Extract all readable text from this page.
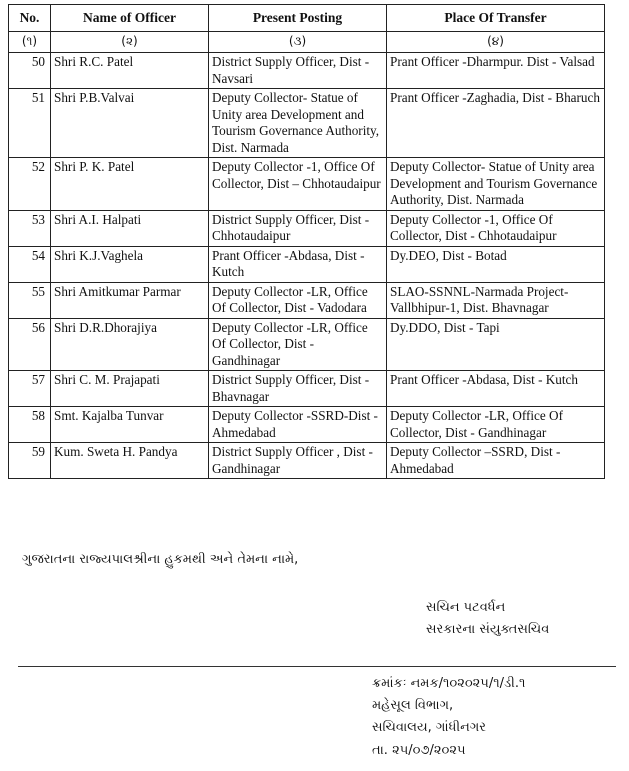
No.	Name of Officer	Present Posting	Place Of Transfer
(૧)	(૨)	(૩)	(૪)
50	Shri R.C. Patel	District Supply Officer, Dist - Navsari	Prant Officer -Dharmpur. Dist - Valsad
51	Shri P.B.Valvai	Deputy Collector- Statue of Unity area Development and Tourism Governance Authority, Dist. Narmada	Prant Officer -Zaghadia, Dist - Bharuch
52	Shri P. K. Patel	Deputy Collector -1, Office Of Collector, Dist – Chhotaudaipur	Deputy Collector- Statue of Unity area Development and Tourism Governance Authority, Dist. Narmada
53	Shri A.I. Halpati	District Supply Officer, Dist - Chhotaudaipur	Deputy Collector -1, Office Of Collector, Dist - Chhotaudaipur
54	Shri K.J.Vaghela	Prant Officer -Abdasa, Dist - Kutch	Dy.DEO, Dist - Botad
55	Shri Amitkumar Parmar	Deputy Collector -LR, Office Of Collector, Dist - Vadodara	SLAO-SSNNL-Narmada Project-Vallbhipur-1, Dist. Bhavnagar
56	Shri D.R.Dhorajiya	Deputy Collector -LR, Office Of Collector, Dist - Gandhinagar	Dy.DDO, Dist - Tapi
57	Shri C. M. Prajapati	District Supply Officer, Dist - Bhavnagar	Prant Officer -Abdasa, Dist - Kutch
58	Smt. Kajalba Tunvar	Deputy Collector -SSRD-Dist -Ahmedabad	Deputy Collector -LR, Office Of Collector, Dist - Gandhinagar
59	Kum. Sweta H. Pandya	District Supply Officer , Dist - Gandhinagar	Deputy Collector –SSRD, Dist - Ahmedabad
ગુજરાતના રાજ્યપાલશ્રીના હુકમથી અને તેમના નામે,
સચિન પટવર્ધન
સરકારના સંયુક્તસચિવ
ક્રમાંકઃ નમક/૧૦૨૦૨૫/૧/ડી.૧
મહેસૂલ વિભાગ,
સચિવાલય, ગાંધીનગર
તા. ૨૫/૦૭/૨૦૨૫
